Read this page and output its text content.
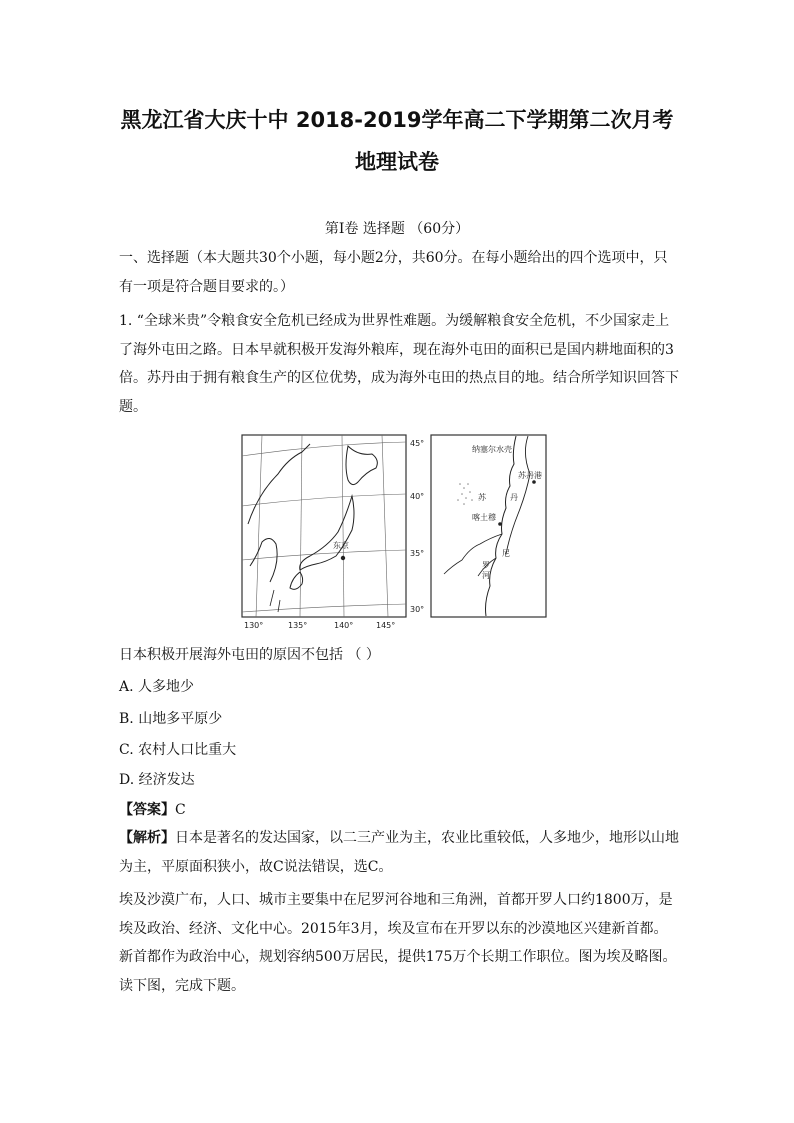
黑龙江省大庆十中 2018-2019学年高二下学期第二次月考
地理试卷
第Ⅰ卷 选择题 （60分）

一、选择题（本大题共30个小题，每小题2分，共60分。在每小题给出的四个选项中，只有一项是符合题目要求的。）

1. “全球米贵”令粮食安全危机已经成为世界性难题。为缓解粮食安全危机，不少国家走上了海外屯田之路。日本早就积极开发海外粮库，现在海外屯田的面积已是国内耕地面积的3倍。苏丹由于拥有粮食生产的区位优势，成为海外屯田的热点目的地。结合所学知识回答下题。

东京
45°
40°
35°
30°
130°	135°	140°	145°
纳塞尔水壳
苏丹港
苏	丹
喀土穆
尼
罗
河
日本积极开展海外屯田的原因不包括 （ ）
A. 人多地少
B. 山地多平原少
C. 农村人口比重大
D. 经济发达
【答案】C

【解析】日本是著名的发达国家，以二三产业为主，农业比重较低，人多地少，地形以山地为主，平原面积狭小，故C说法错误，选C。

埃及沙漠广布，人口、城市主要集中在尼罗河谷地和三角洲，首都开罗人口约1800万，是埃及政治、经济、文化中心。2015年3月，埃及宣布在开罗以东的沙漠地区兴建新首都。新首都作为政治中心，规划容纳500万居民，提供175万个长期工作职位。图为埃及略图。读下图，完成下题。
